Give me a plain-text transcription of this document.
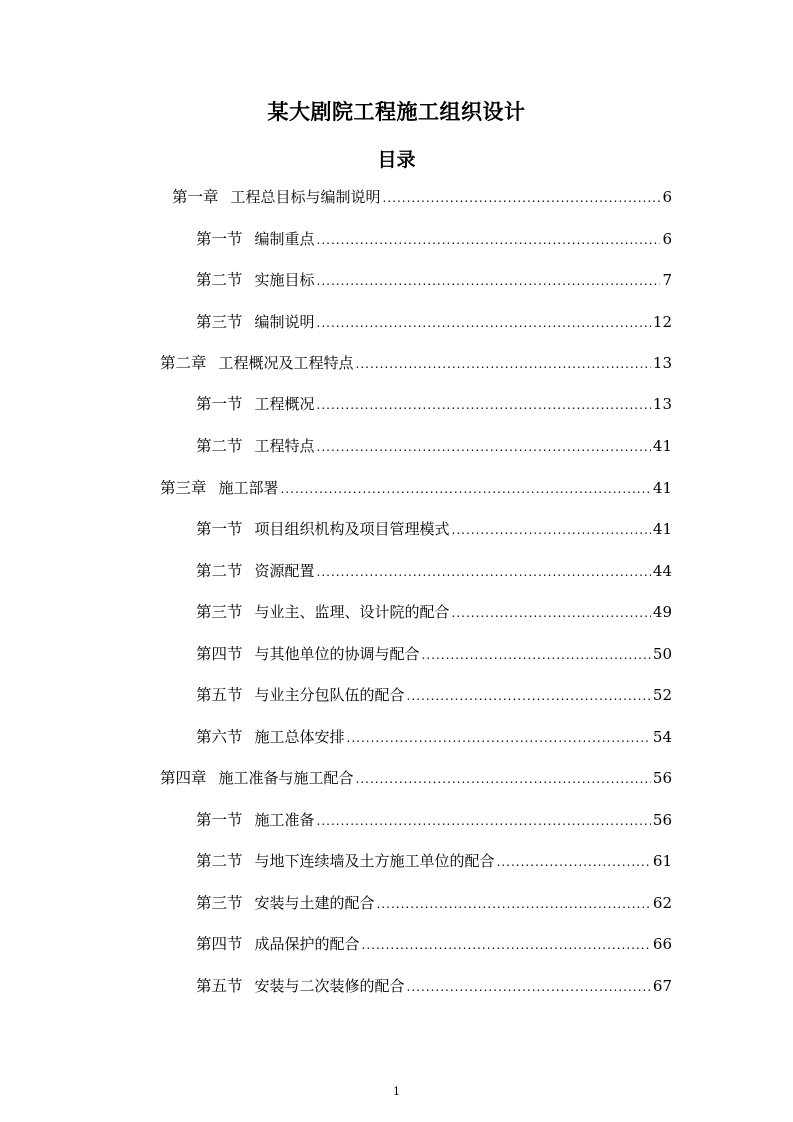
某大剧院工程施工组织设计
目录
第一章 工程总目标与编制说明 .....	6
第一节 编制重点 .....	6
第二节 实施目标 .....	7
第三节 编制说明 .....	12
第二章 工程概况及工程特点 .....	13
第一节 工程概况 .....	13
第二节 工程特点 .....	41
第三章 施工部署 .....	41
第一节 项目组织机构及项目管理模式 .....	41
第二节 资源配置 .....	44
第三节 与业主、监理、设计院的配合 .....	49
第四节 与其他单位的协调与配合 .....	50
第五节 与业主分包队伍的配合 .....	52
第六节 施工总体安排 .....	54
第四章 施工准备与施工配合 .....	56
第一节 施工准备 .....	56
第二节 与地下连续墙及土方施工单位的配合 .....	61
第三节 安装与土建的配合 .....	62
第四节 成品保护的配合 .....	66
第五节 安装与二次装修的配合 .....	67
1
